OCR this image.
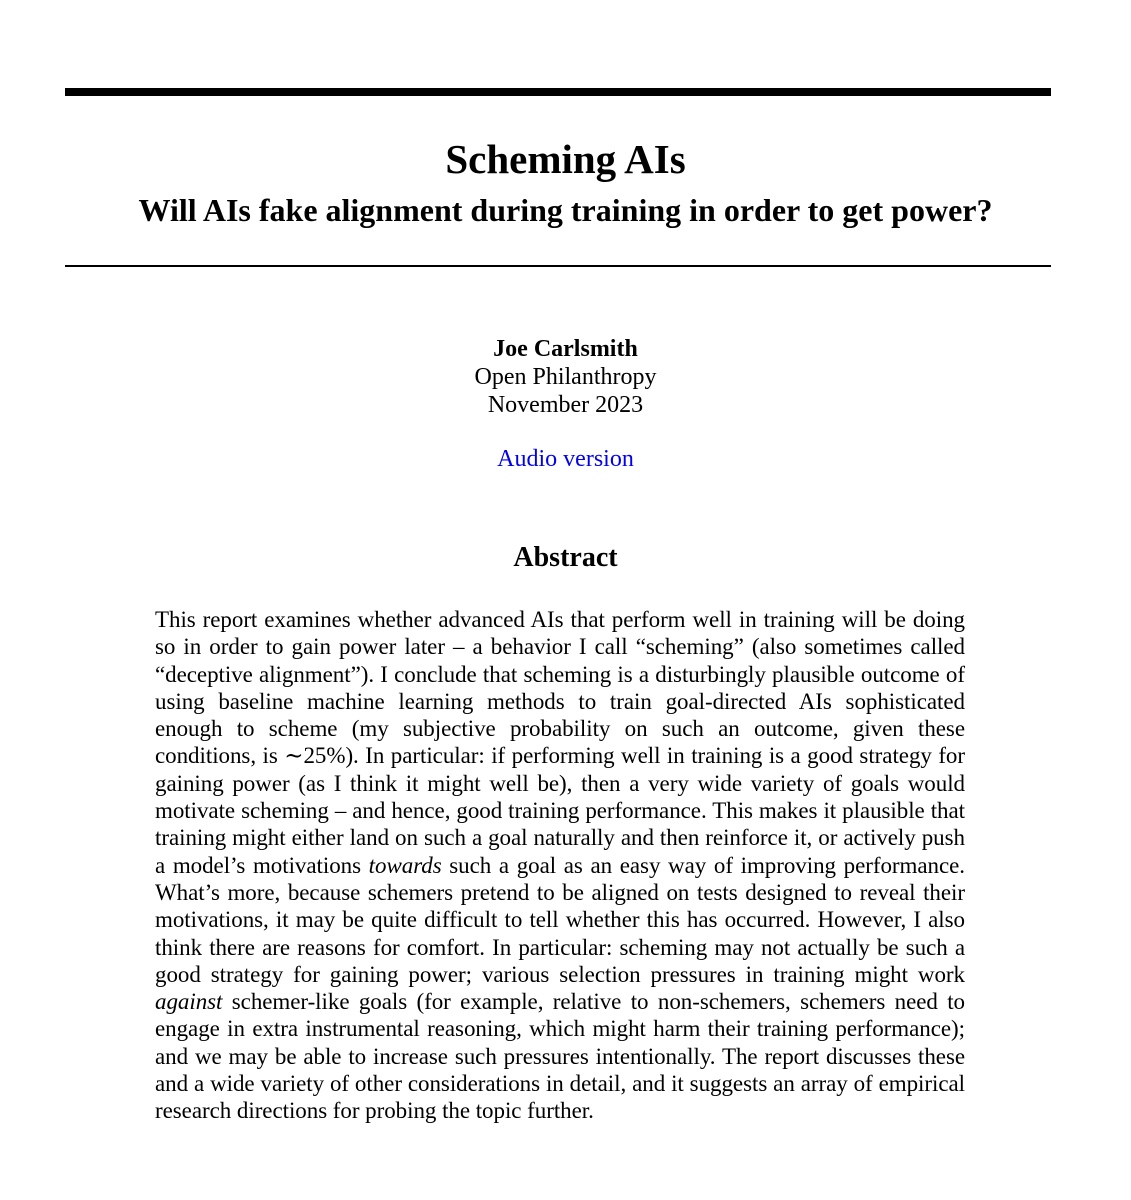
Scheming AIs
Will AIs fake alignment during training in order to get power?
Joe Carlsmith
Open Philanthropy
November 2023
Audio version
Abstract

This report examines whether advanced AIs that perform well in training will be doing so in order to gain power later – a behavior I call “scheming” (also sometimes called “deceptive alignment”). I conclude that scheming is a disturbingly plausible outcome of using baseline machine learning methods to train goal-directed AIs sophisticated enough to scheme (my subjective probability on such an outcome, given these conditions, is ∼25%). In particular: if performing well in training is a good strategy for gaining power (as I think it might well be), then a very wide variety of goals would motivate scheming – and hence, good training performance. This makes it plausible that training might either land on such a goal naturally and then reinforce it, or actively push a model’s motivations towards such a goal as an easy way of improving performance. What’s more, because schemers pretend to be aligned on tests designed to reveal their motivations, it may be quite difficult to tell whether this has occurred. However, I also think there are reasons for comfort. In particular: scheming may not actually be such a good strategy for gaining power; various selection pressures in training might work against schemer-like goals (for example, relative to non-schemers, schemers need to engage in extra instrumental reasoning, which might harm their training performance); and we may be able to increase such pressures intentionally. The report discusses these and a wide variety of other considerations in detail, and it suggests an array of empirical research directions for probing the topic further.
